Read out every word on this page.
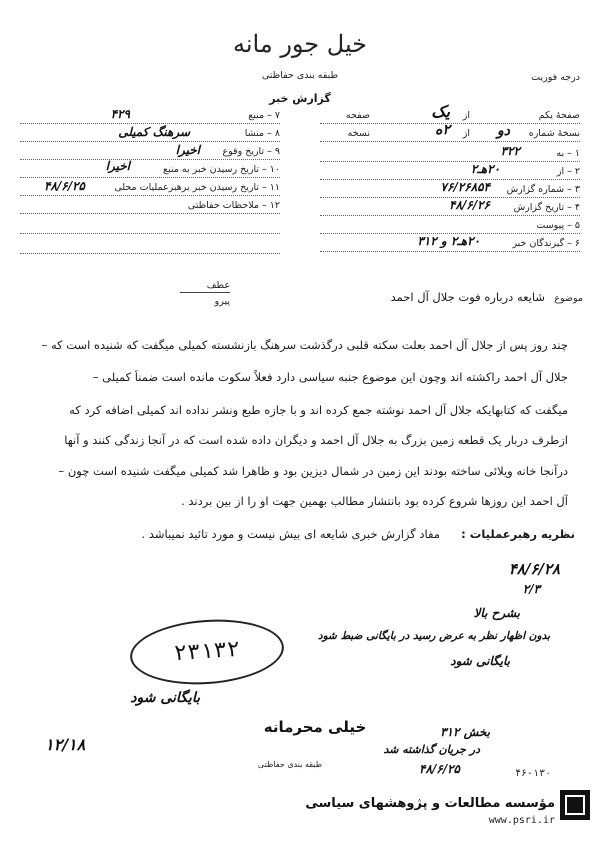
خیل جور مانه
طبقه بندی حفاظتی
گزارش خبر
درجه فوریت
۷ – منبع
۴۲۹
۸ – منشا
سرهنگ کمیلی
۹ – تاریخ وقوع
اخیرا
۱۰ – تاریخ رسیدن خبر به منبع
اخیرا
۱۱ – تاریخ رسیدن خبر برهبرعملیات محلی
۴۸/۶/۲۵
۱۲ – ملاحظات حفاظتی
صفحهٔ یکم
از
یک
صفحه
نسخهٔ شماره
دو
از
۲ه
نسخه
۱ – به
۳۲۲
۲ – از
۲۰هـ۲
۳ – شماره گزارش
۷۶/۲۶۸۵۴
۴ – تاریخ گزارش
۴۸/۶/۲۶
۵ – پیوست
۶ – گیرندگان خبر
۲۰هـ۲ و ۳۱۲
عطف
پیرو	موضوع
شایعه درباره فوت جلال آل احمد
چند روز پس از جلال آل احمد بعلت سکته قلبی درگذشت سرهنگ بازنشسته کمیلی میگفت که شنیده است که –
جلال آل احمد راکشته اند وچون این موضوع جنبه سیاسی دارد فعلاً سکوت مانده است ضمناً کمیلی –
میگفت که کتابهایکه جلال آل احمد نوشته جمع کرده اند و با جازه طبع ونشر نداده اند کمیلی اضافه کرد که
ازطرف دربار یک قطعه زمین بزرگ به جلال آل احمد و دیگران داده شده است که در آنجا زندگی کنند و آنها
درآنجا خانه ویلائی ساخته بودند این زمین در شمال دیزین بود و ظاهرا شد کمیلی میگفت شنیده است چون –
آل احمد این روزها شروع کرده بود بانتشار مطالب بهمین جهت او را از بین بردند .
نظریه رهبرعملیات :
مفاد گزارش خبری شایعه ای بیش نیست و مورد تائید نمیباشد .
۴۸/۶/۲۸
۲/۳
بشرح بالا
بدون اظهار نظر به عرض رسید در بایگانی ضبط شود
بایگانی شود
۲۳۱۳۲
بایگانی شود
۱۲/۱۸
خیلی محرمانه
طبقه بندی حفاظتی
بخش ۳۱۲
در جریان گذاشته شد
۴۸/۶/۲۵	۴۶-۱۳۰
مؤسسه مطالعات و پژوهشهای سیاسی
www.psri.ir
